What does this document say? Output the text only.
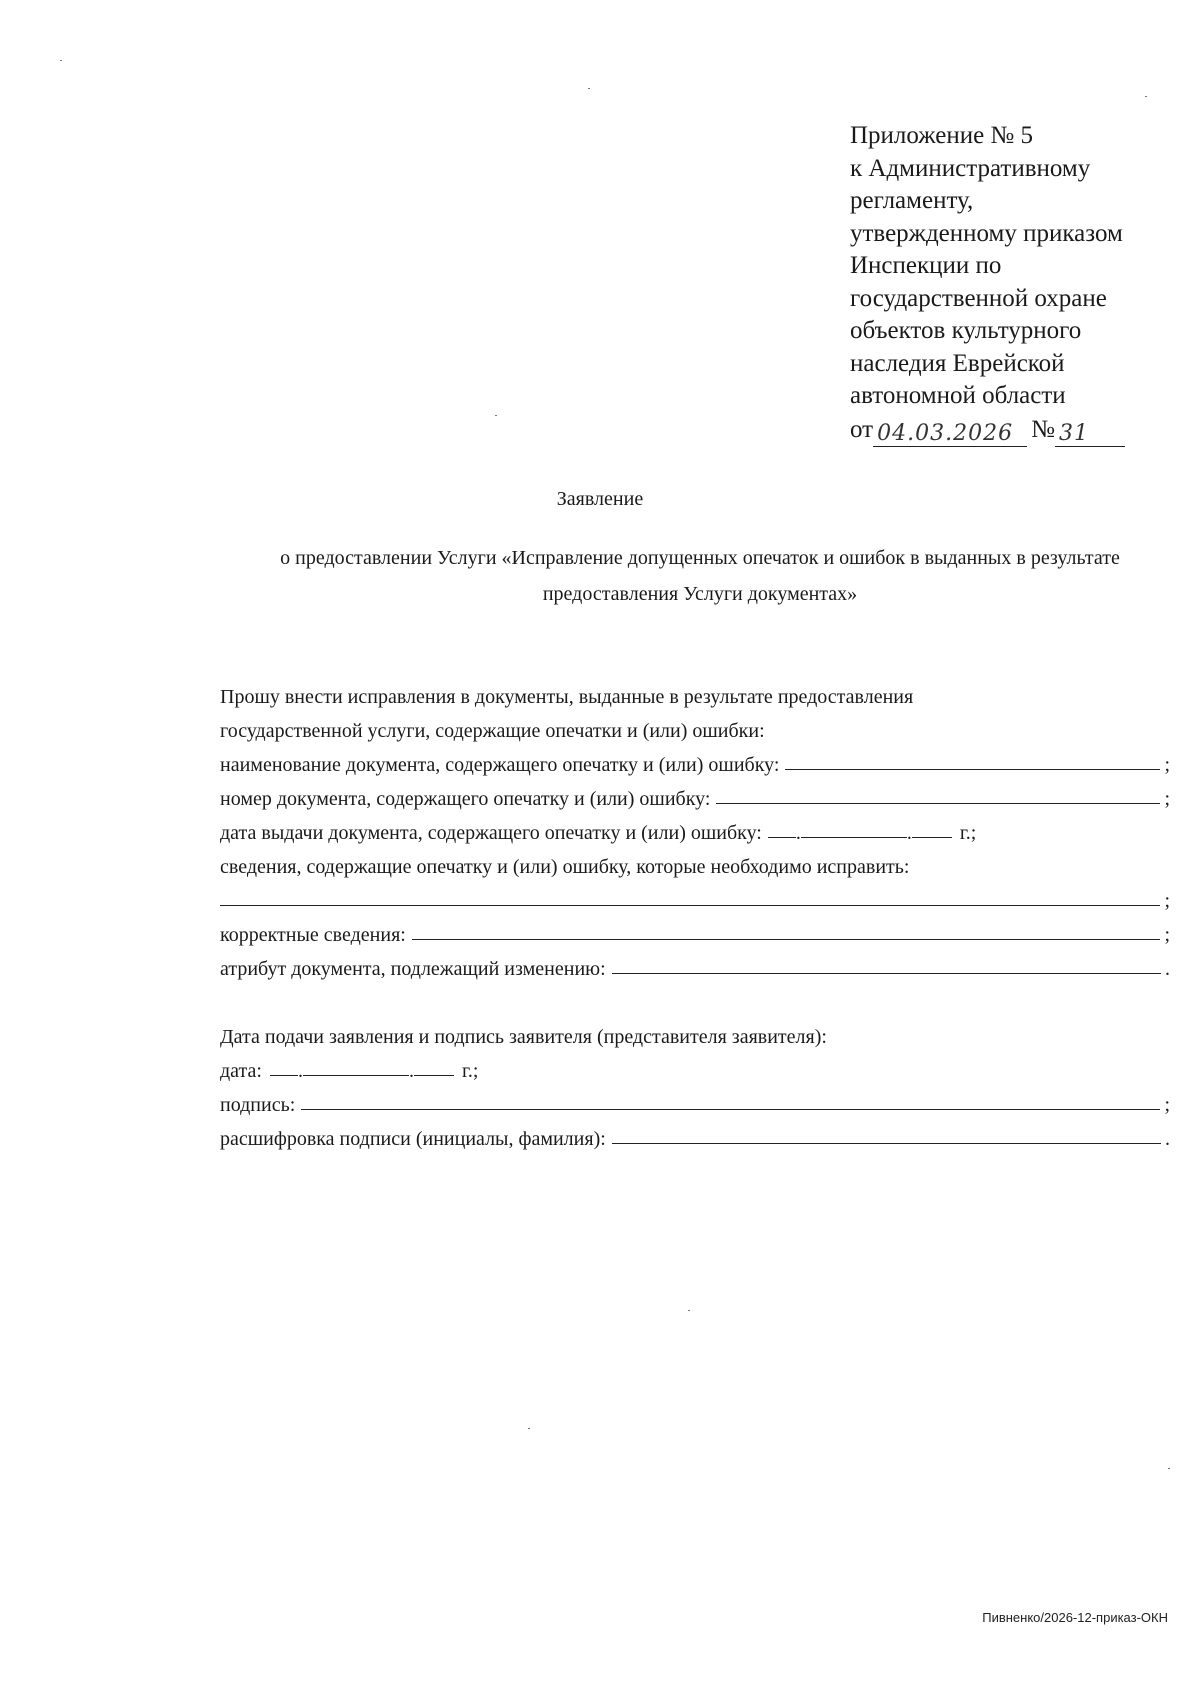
Приложение № 5
к Административному
регламенту,
утвержденному приказом
Инспекции по
государственной охране
объектов культурного
наследия Еврейской
автономной области
от 04.03.2026 № 31
Заявление
о предоставлении Услуги «Исправление допущенных опечаток и ошибок в выданных в результате предоставления Услуги документах»
Прошу внести исправления в документы, выданные в результате предоставления
государственной услуги, содержащие опечатки и (или) ошибки:
наименование документа, содержащего опечатку и (или) ошибку:	;
номер документа, содержащего опечатку и (или) ошибку:	;
дата выдачи документа, содержащего опечатку и (или) ошибку: .	. г.;
сведения, содержащие опечатку и (или) ошибку, которые необходимо исправить:
;
корректные сведения:	;
атрибут документа, подлежащий изменению:	.
Дата подачи заявления и подпись заявителя (представителя заявителя):
дата: .	. г.;
подпись:	;
расшифровка подписи (инициалы, фамилия):	.
Пивненко/2026-12-приказ-ОКН
